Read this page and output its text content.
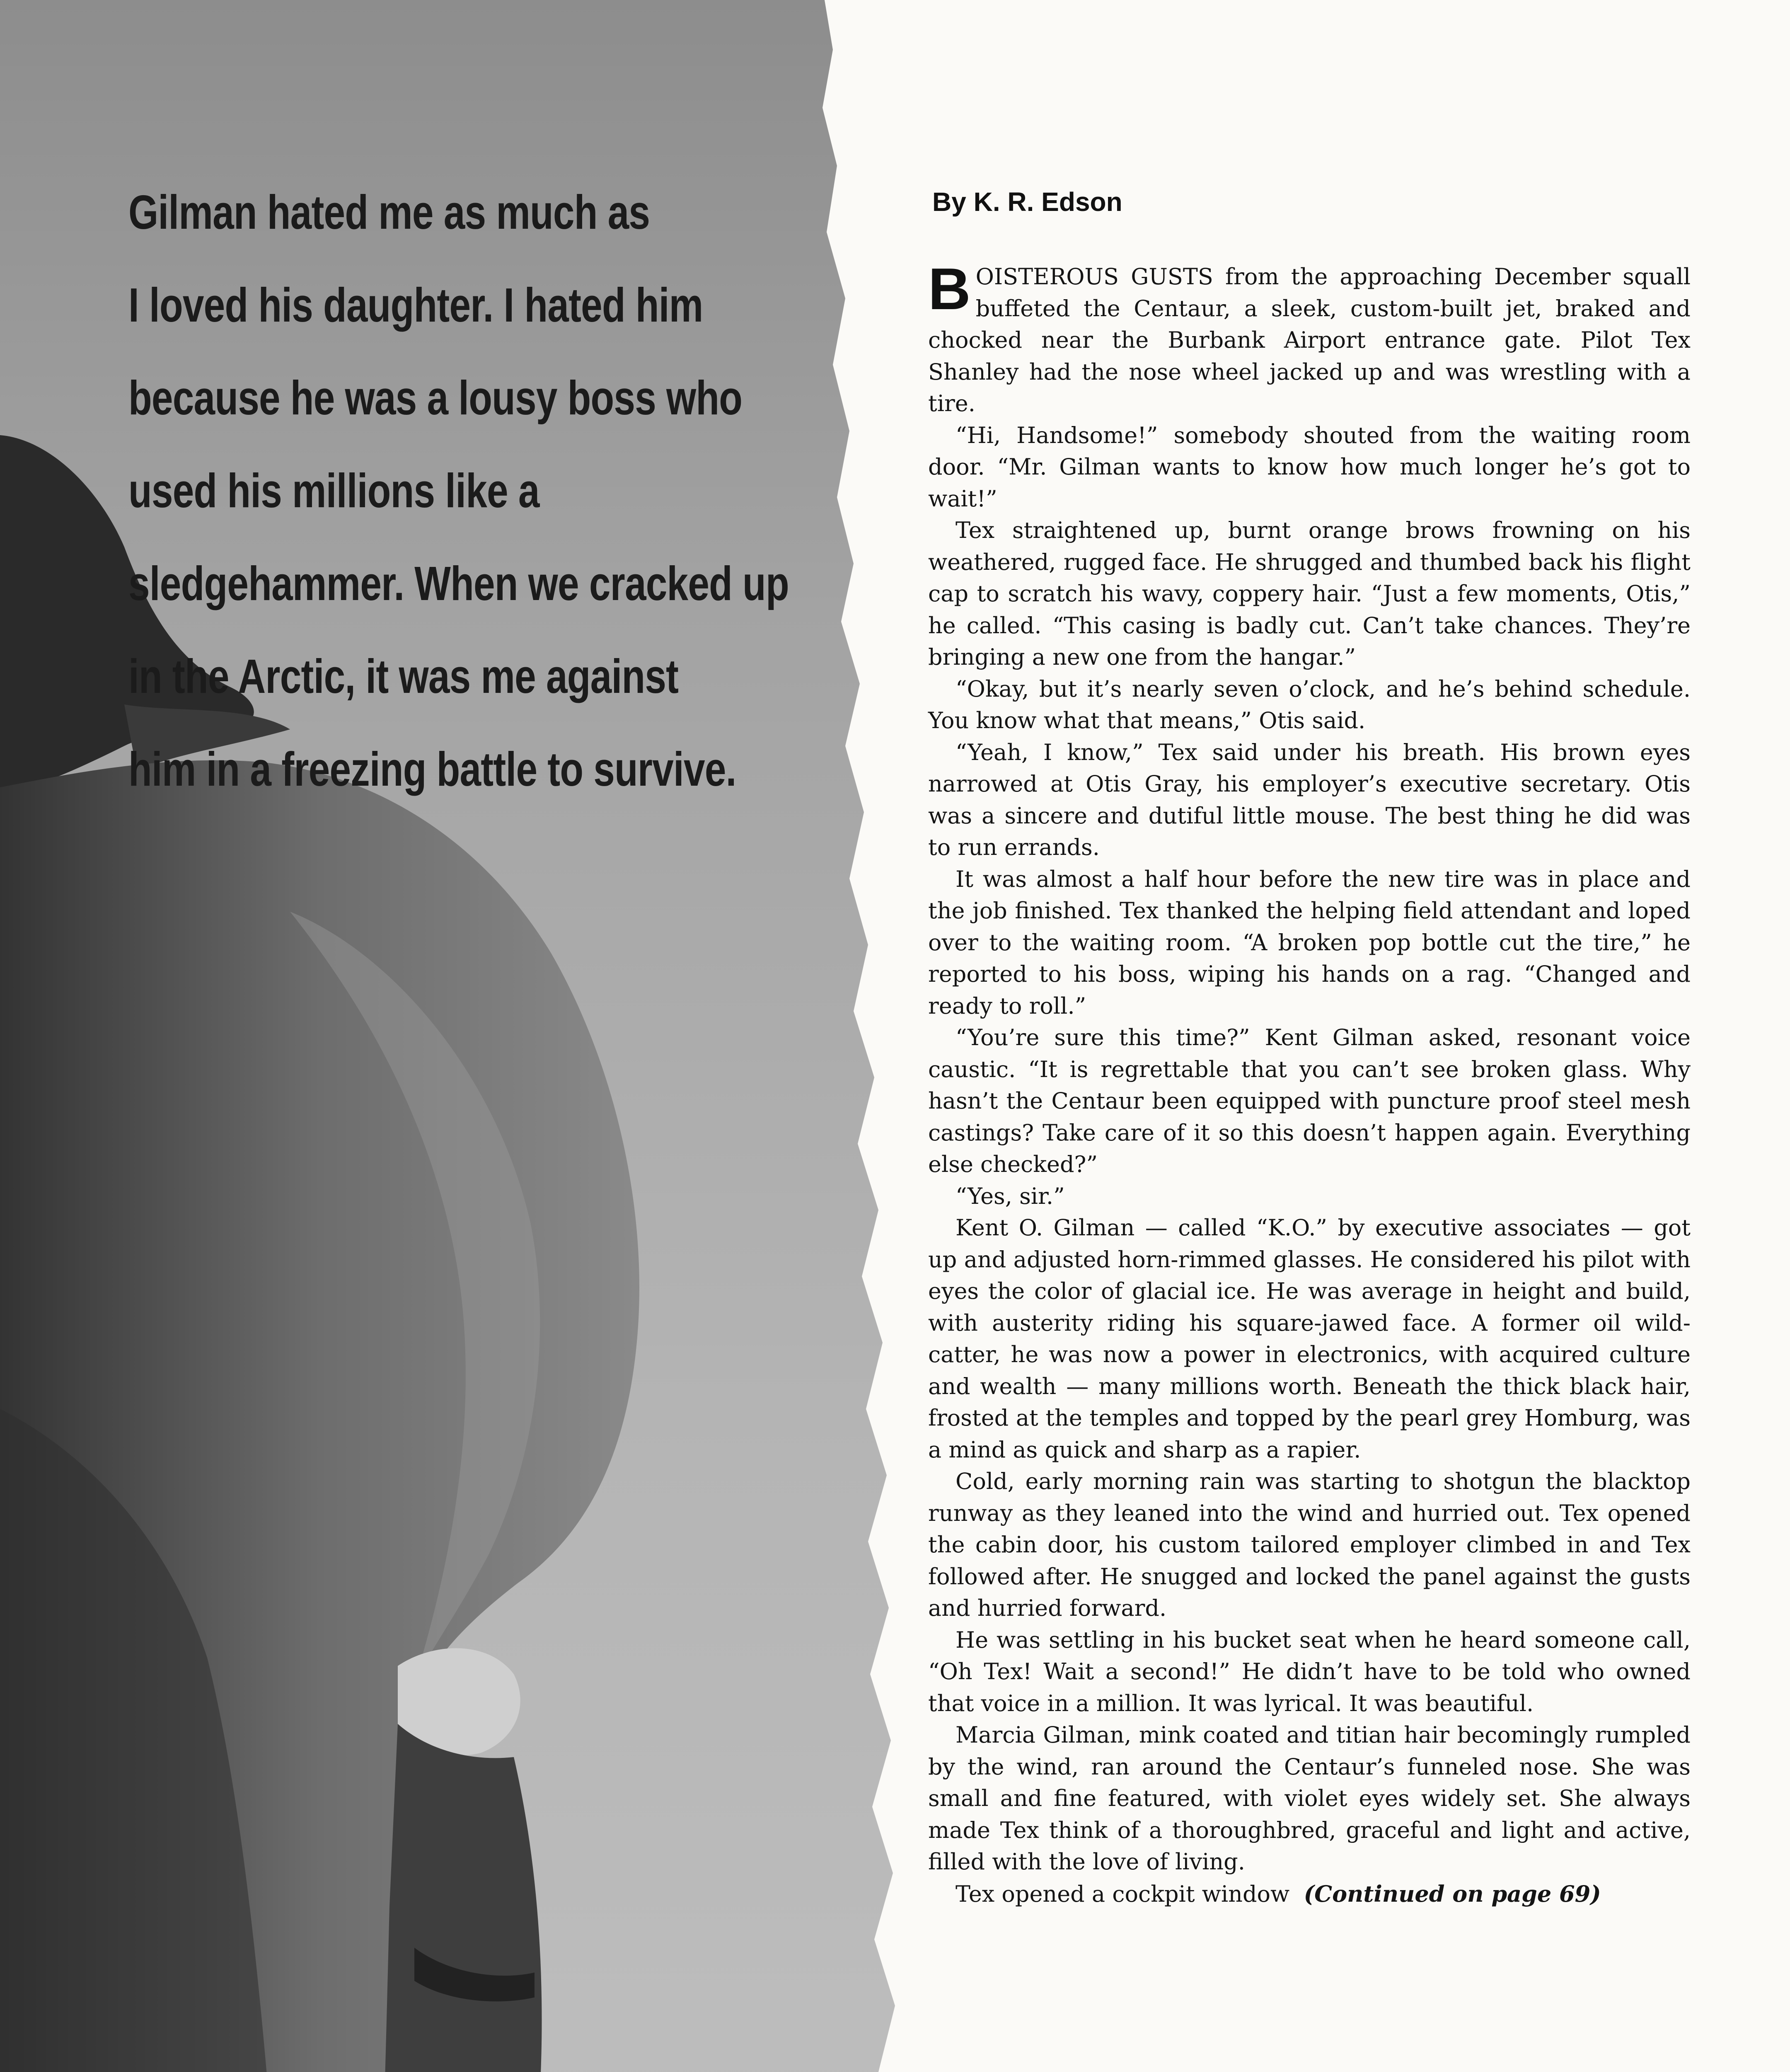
Gilman hated me as much as
I loved his daughter. I hated him
because he was a lousy boss who
used his millions like a
sledgehammer. When we cracked up
in the Arctic, it was me against
him in a freezing battle to survive.
By K. R. Edson

BOISTEROUS GUSTS from the approaching December squall buffeted the Centaur, a sleek, custom-built jet, braked and chocked near the Burbank Airport entrance gate. Pilot Tex Shanley had the nose wheel jacked up and was wrestling with a tire.

“Hi, Handsome!” somebody shouted from the waiting room door. “Mr. Gilman wants to know how much longer he’s got to wait!”

Tex straightened up, burnt orange brows frowning on his weathered, rugged face. He shrugged and thumbed back his flight cap to scratch his wavy, coppery hair. “Just a few moments, Otis,” he called. “This casing is badly cut. Can’t take chances. They’re bringing a new one from the hangar.”

“Okay, but it’s nearly seven o’clock, and he’s behind schedule. You know what that means,” Otis said.

“Yeah, I know,” Tex said under his breath. His brown eyes narrowed at Otis Gray, his employer’s executive secretary. Otis was a sincere and dutiful little mouse. The best thing he did was to run errands.

It was almost a half hour before the new tire was in place and the job finished. Tex thanked the helping field attendant and loped over to the waiting room. “A broken pop bottle cut the tire,” he reported to his boss, wiping his hands on a rag. “Changed and ready to roll.”

“You’re sure this time?” Kent Gilman asked, resonant voice caustic. “It is regrettable that you can’t see broken glass. Why hasn’t the Centaur been equipped with puncture proof steel mesh castings? Take care of it so this doesn’t happen again. Everything else checked?”

“Yes, sir.”

Kent O. Gilman — called “K.O.” by executive associates — got up and adjusted horn-rimmed glasses. He considered his pilot with eyes the color of glacial ice. He was average in height and build, with austerity riding his square-jawed face. A former oil wild-catter, he was now a power in electronics, with acquired culture and wealth — many millions worth. Beneath the thick black hair, frosted at the temples and topped by the pearl grey Homburg, was a mind as quick and sharp as a rapier.

Cold, early morning rain was starting to shotgun the blacktop runway as they leaned into the wind and hurried out. Tex opened the cabin door, his custom tailored employer climbed in and Tex followed after. He snugged and locked the panel against the gusts and hurried forward.

He was settling in his bucket seat when he heard someone call, “Oh Tex! Wait a second!” He didn’t have to be told who owned that voice in a million. It was lyrical. It was beautiful.

Marcia Gilman, mink coated and titian hair becomingly rumpled by the wind, ran around the Centaur’s funneled nose. She was small and fine featured, with violet eyes widely set. She always made Tex think of a thoroughbred, graceful and light and active, filled with the love of living.

Tex opened a cockpit window (Continued on page 69)
